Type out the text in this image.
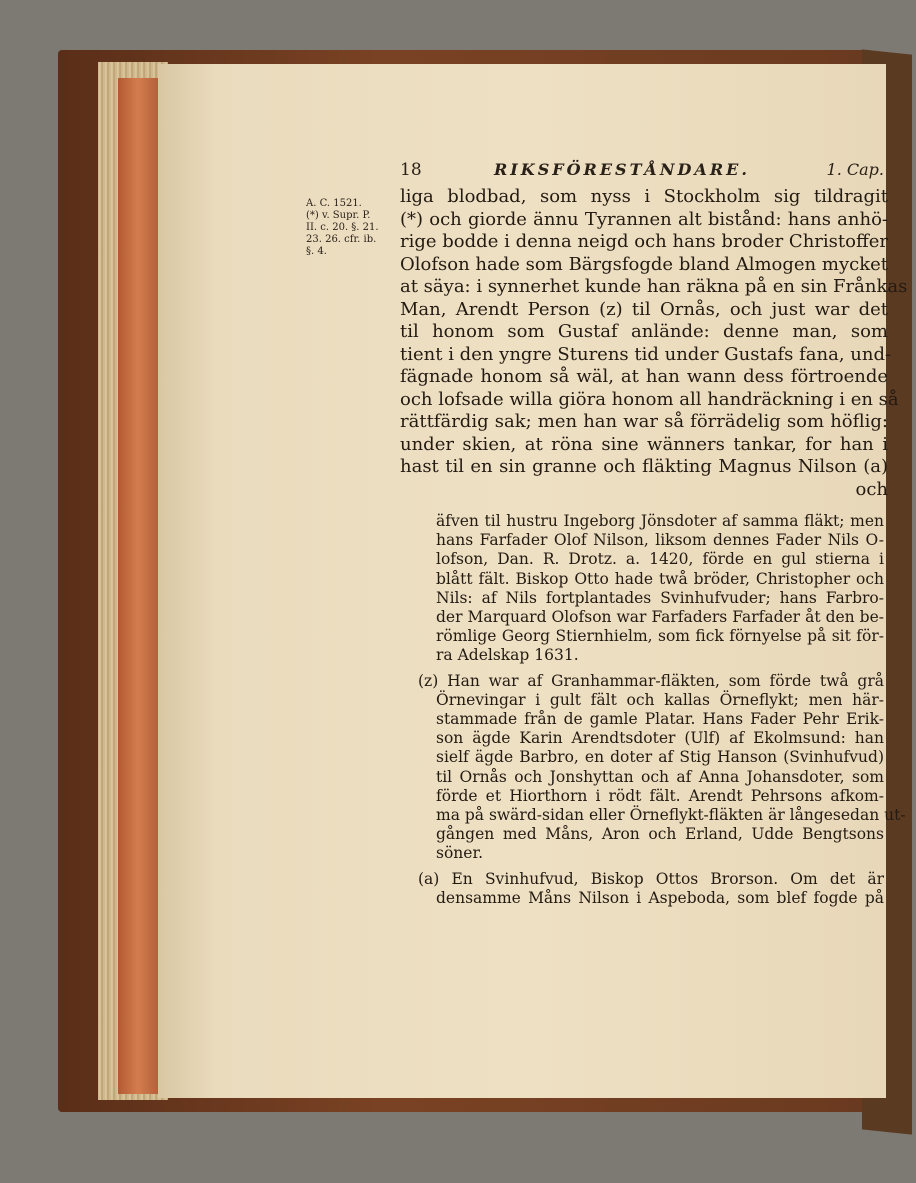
18	RIKSFÖRESTÅNDARE.	1. Cap.
A. C. 1521.
(*) v. Supr. P.
II. c. 20. §. 21.
23. 26. cfr. ib.
§. 4.
liga blodbad, som nyss i Stockholm sig tildragit
(*) och giorde ännu Tyrannen alt bistånd: hans anhö-
rige bodde i denna neigd och hans broder Christoffer
Olofson hade som Bärgsfogde bland Almogen mycket
at säya: i synnerhet kunde han räkna på en sin Frånkas
Man, Arendt Person (z) til Ornås, och just war det
til honom som Gustaf anlände: denne man, som
tient i den yngre Sturens tid under Gustafs fana, und-
fägnade honom så wäl, at han wann dess förtroende
och lofsade willa giöra honom all handräckning i en så
rättfärdig sak; men han war så förrädelig som höflig:
under skien, at röna sine wänners tankar, for han i
hast til en sin granne och fläkting Magnus Nilson (a)
och
äfven til hustru Ingeborg Jönsdoter af samma fläkt; men
hans Farfader Olof Nilson, liksom dennes Fader Nils O-
lofson, Dan. R. Drotz. a. 1420, förde en gul stierna i
blått fält. Biskop Otto hade twå bröder, Christopher och
Nils: af Nils fortplantades Svinhufvuder; hans Farbro-
der Marquard Olofson war Farfaders Farfader åt den be-
römlige Georg Stiernhielm, som fick förnyelse på sit för-
ra Adelskap 1631.
(z) Han war af Granhammar-fläkten, som förde twå grå
Örnevingar i gult fält och kallas Örneflykt; men här-
stammade från de gamle Platar. Hans Fader Pehr Erik-
son ägde Karin Arendtsdoter (Ulf) af Ekolmsund: han
sielf ägde Barbro, en doter af Stig Hanson (Svinhufvud)
til Ornås och Jonshyttan och af Anna Johansdoter, som
förde et Hiorthorn i rödt fält. Arendt Pehrsons afkom-
ma på swärd-sidan eller Örneflykt-fläkten är långesedan ut-
gången med Måns, Aron och Erland, Udde Bengtsons
söner.
(a) En Svinhufvud, Biskop Ottos Brorson. Om det är
densamme Måns Nilson i Aspeboda, som blef fogde på
